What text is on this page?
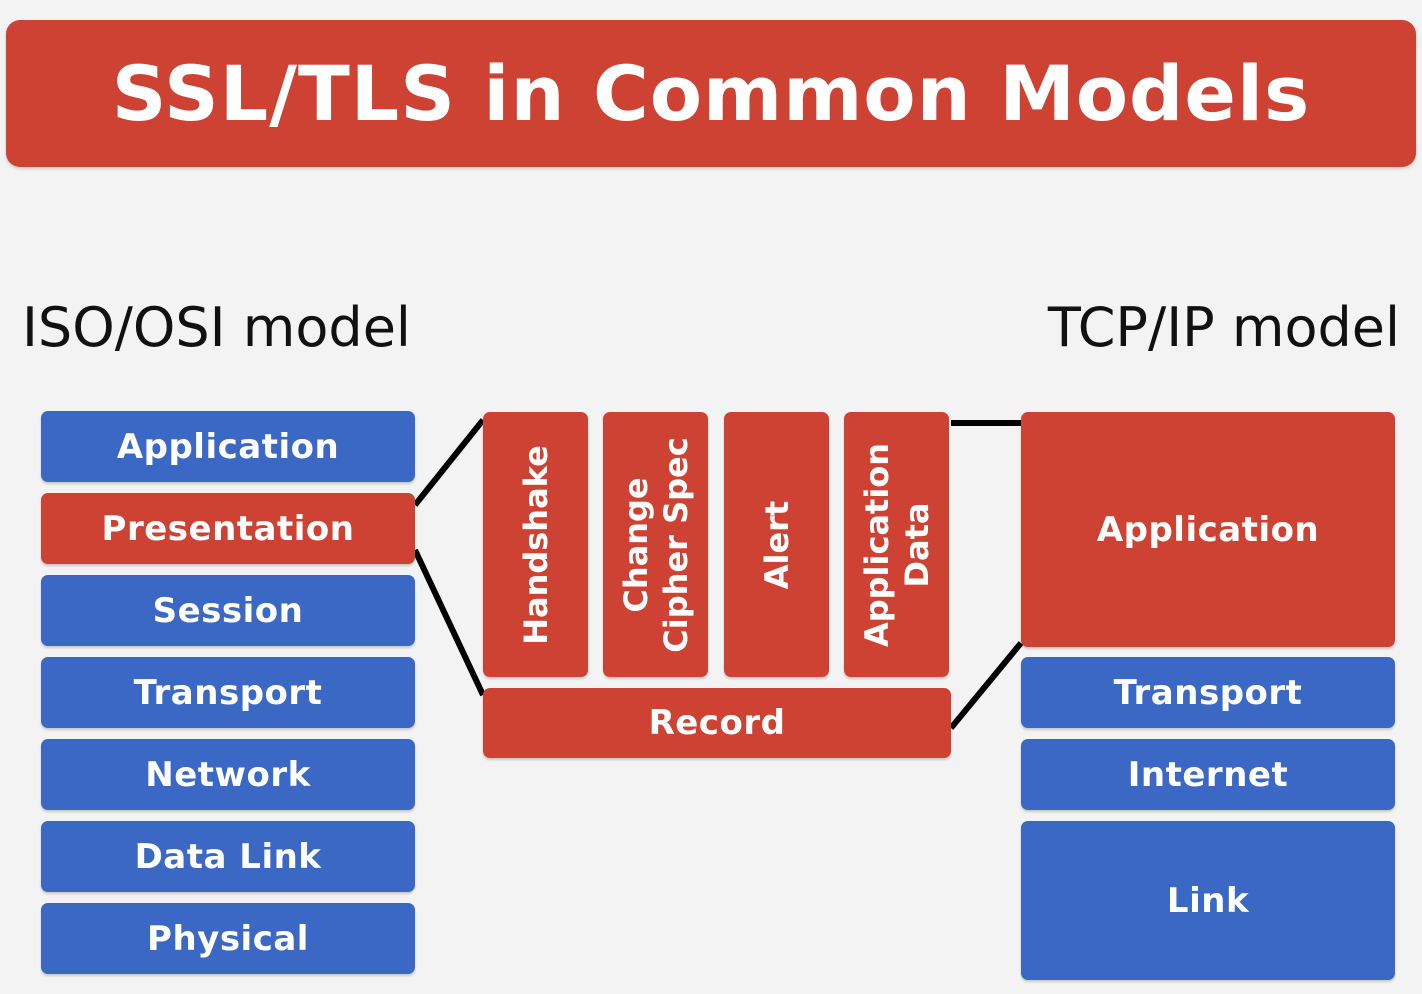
SSL/TLS in Common Models
ISO/OSI model	TCP/IP model
Application
Presentation
Session
Transport
Network
Data Link
Physical
Handshake Change Cipher Spec Alert Application Data
Record
Application
Transport
Internet
Link
